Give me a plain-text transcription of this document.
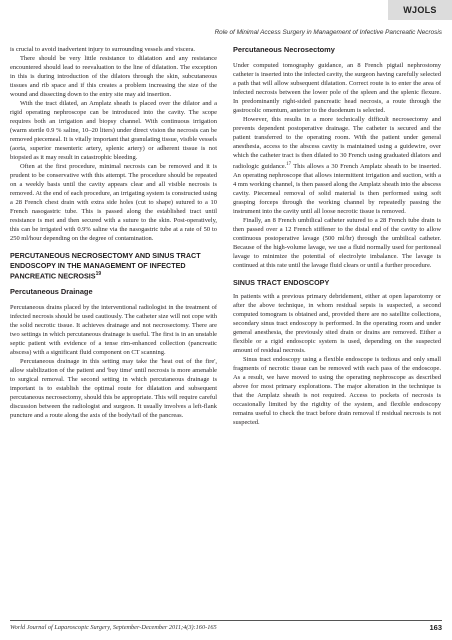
WJOLS
Role of Minimal Access Surgery in Management of Infective Pancreatic Necrosis

is crucial to avoid inadvertent injury to surrounding vessels and viscera.

There should be very little resistance to dilatation and any resistance encountered should lead to reevaluation to the line of dilatation. The exception in this is during introduction of the dilators through the skin, subcutaneous tissues and rib space and if this creates a problem increasing the size of the wound and dissecting down to the entry site may aid insertion.

With the tract dilated, an Amplatz sheath is placed over the dilator and a rigid operating nephroscope can be introduced into the cavity. The scope requires both an irrigation and biopsy channel. With continuous irrigation (warm sterile 0.9 % saline, 10–20 liters) under direct vision the necrosis can be removed piecemeal. It is vitally important that granulating tissue, visible vessels (aorta, superior mesenteric artery, splenic artery) or adherent tissue is not biopsied as it may result in catastrophic bleeding.

Often at the first procedure, minimal necrosis can be removed and it is prudent to be conservative with this attempt. The procedure should be repeated on a weekly basis until the cavity appears clear and all visible necrosis is removed. At the end of each procedure, an irrigating system is constructed using a 28 French chest drain with extra side holes (cut to shape) sutured to a 10 French nasogastric tube. This is passed along the established tract until resistance is met and then secured with a suture to the skin. Post-operatively, this can be irrigated with 0.9% saline via the nasogastric tube at a rate of 50 to 250 ml/hour depending on the degree of contamination.

PERCUTANEOUS NECROSECTOMY AND SINUS TRACT ENDOSCOPY IN THE MANAGEMENT OF INFECTED PANCREATIC NECROSIS$^{19}$
Percutaneous Drainage

Percutaneous drains placed by the interventional radiologist in the treatment of infected necrosis should be used cautiously. The catheter size will not cope with the solid necrotic tissue. It achieves drainage and not necrosectomy. There are two settings in which percutaneous drainage is useful. The first is in an unstable septic patient with evidence of a tense rim-enhanced collection (pancreatic abscess) with a significant fluid component on CT scanning.

Percutaneous drainage in this setting may take the 'heat out of the fire', allow stabilization of the patient and 'buy time' until necrosis is more amenable to surgical removal. The second setting in which percutaneous drainage is important is to establish the optimal route for dilatation and subsequent percutaneous necrosectomy, should this be appropriate. This will require careful discussion between the radiologist and surgeon. It usually involves a left-flank puncture and a route along the axis of the body/tail of the pancreas.

Percutaneous Necrosectomy

Under computed tomography guidance, an 8 French pigtail nephrostomy catheter is inserted into the infected cavity, the surgeon having carefully selected a path that will allow subsequent dilatation. Correct route is to enter the area of infected necrosis between the lower pole of the spleen and the splenic flexure. In predominantly right-sided pancreatic head necrosis, a route through the gastrocolic omentum, anterior to the duodenum is selected.

However, this results in a more technically difficult necrosectomy and prevents dependent postoperative drainage. The catheter is secured and the patient transferred to the operating room. With the patient under general anesthesia, access to the abscess cavity is maintained using a guidewire, over which the catheter tract is then dilated to 30 French using graduated dilators and radiologic guidance.$^{17}$ This allows a 30 French Amplatz sheath to be inserted. An operating nephroscope that allows intermittent irrigation and suction, with a 4 mm working channel, is then passed along the Amplatz sheath into the abscess cavity. Piecemeal removal of solid material is then performed using soft grasping forceps through the working channel by repeatedly passing the instrument into the cavity until all loose necrotic tissue is removed.

Finally, an 8 French umbilical catheter sutured to a 28 French tube drain is then passed over a 12 French stiffener to the distal end of the cavity to allow continuous postoperative lavage (500 ml/hr) through the umbilical catheter. Because of the high-volume lavage, we use a fluid normally used for peritoneal lavage to minimize the potential of electrolyte imbalance. The lavage is continued at this rate until the lavage fluid clears or until a further procedure.

SINUS TRACT ENDOSCOPY

In patients with a previous primary debridement, either at open laparotomy or after the above technique, in whom residual sepsis is suspected, a second computed tomogram is obtained and, provided there are no satellite collections, secondary sinus tract endoscopy is performed. In the operating room and under general anesthesia, the previously sited drain or drains are removed. Either a flexible or a rigid endoscopic system is used, depending on the suspected amount of residual necrosis.

Sinus tract endoscopy using a flexible endoscope is tedious and only small fragments of necrotic tissue can be removed with each pass of the endoscope. As a result, we have moved to using the operating nephroscope as described above for most primary explorations. The major alteration in the technique is that the Amplatz sheath is not required. Access to pockets of necrosis is occasionally limited by the rigidity of the system, and flexible endoscopy remains useful to check the tract before drain removal if residual necrosis is not suspected.

World Journal of Laparoscopic Surgery, September-December 2011;4(3):160-165	163
